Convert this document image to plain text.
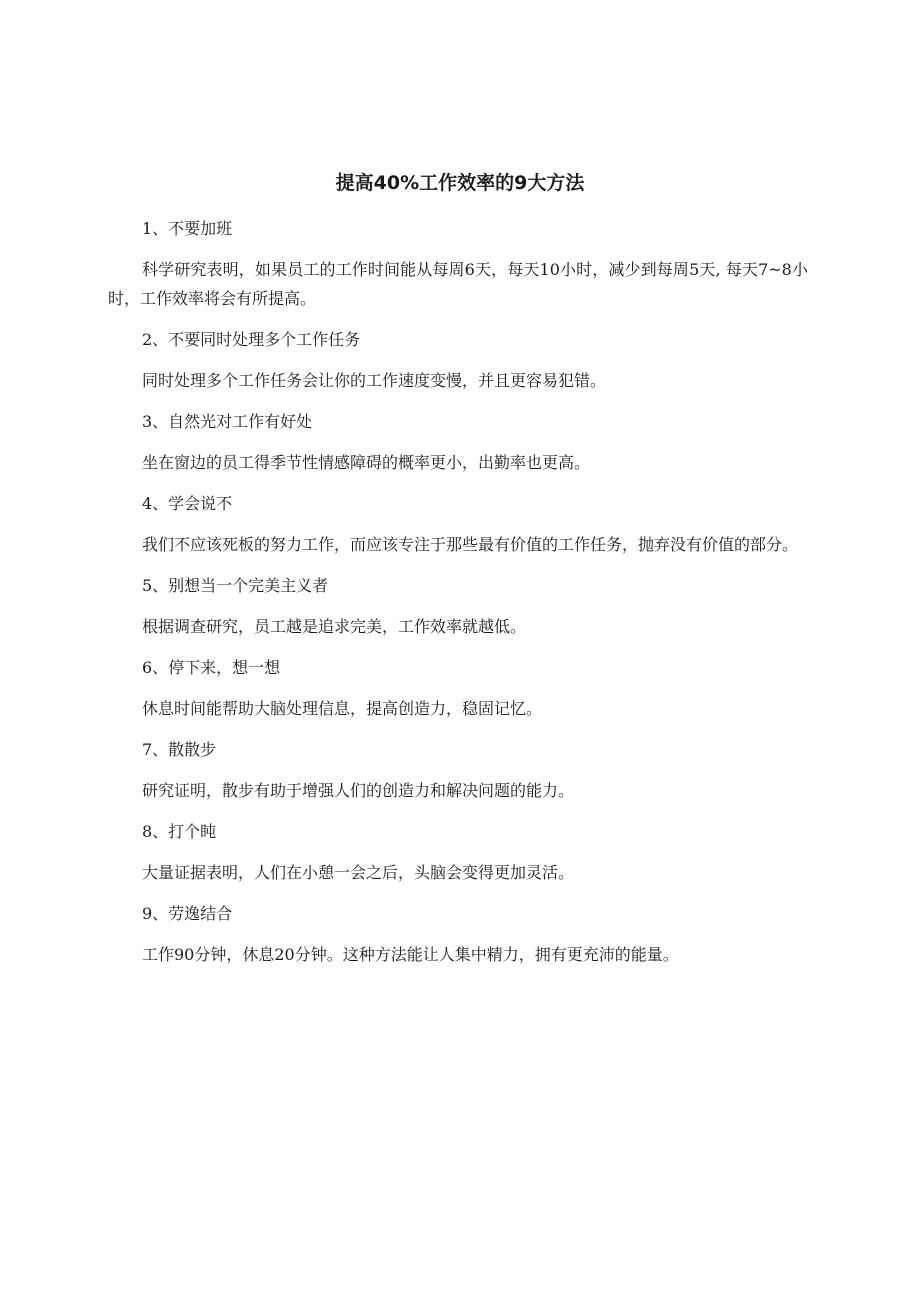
提高40%工作效率的9大方法

1、不要加班

科学研究表明，如果员工的工作时间能从每周6天，每天10小时，减少到每周5天, 每天7~8小时，工作效率将会有所提高。

2、不要同时处理多个工作任务

同时处理多个工作任务会让你的工作速度变慢，并且更容易犯错。

3、自然光对工作有好处

坐在窗边的员工得季节性情感障碍的概率更小，出勤率也更高。

4、学会说不

我们不应该死板的努力工作，而应该专注于那些最有价值的工作任务，抛弃没有价值的部分。

5、别想当一个完美主义者

根据调查研究，员工越是追求完美，工作效率就越低。

6、停下来，想一想

休息时间能帮助大脑处理信息，提高创造力，稳固记忆。

7、散散步

研究证明，散步有助于增强人们的创造力和解决问题的能力。

8、打个盹

大量证据表明，人们在小憩一会之后，头脑会变得更加灵活。

9、劳逸结合

工作90分钟，休息20分钟。这种方法能让人集中精力，拥有更充沛的能量。
